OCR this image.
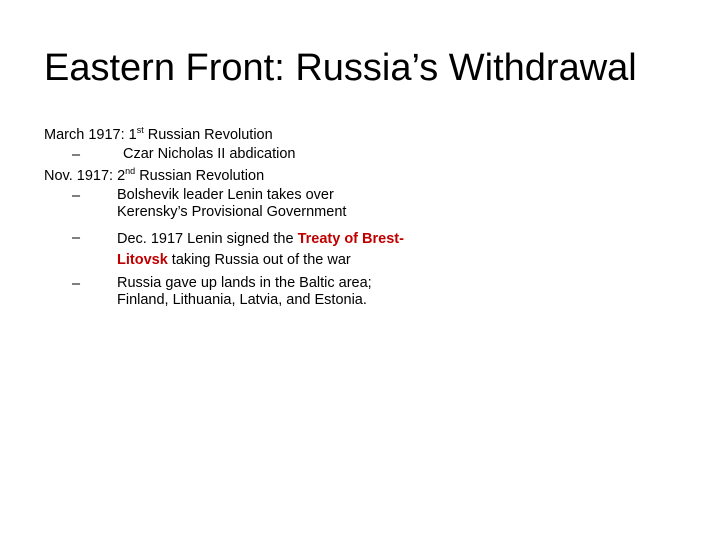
Eastern Front: Russia’s Withdrawal
March 1917: 1st Russian Revolution
–	Czar Nicholas II abdication
Nov. 1917: 2nd Russian Revolution
–	Bolshevik leader Lenin takes over Kerensky’s Provisional Government
–	Dec. 1917 Lenin signed the Treaty of Brest-Litovsk taking Russia out of the war
–	Russia gave up lands in the Baltic area; Finland, Lithuania, Latvia, and Estonia.
